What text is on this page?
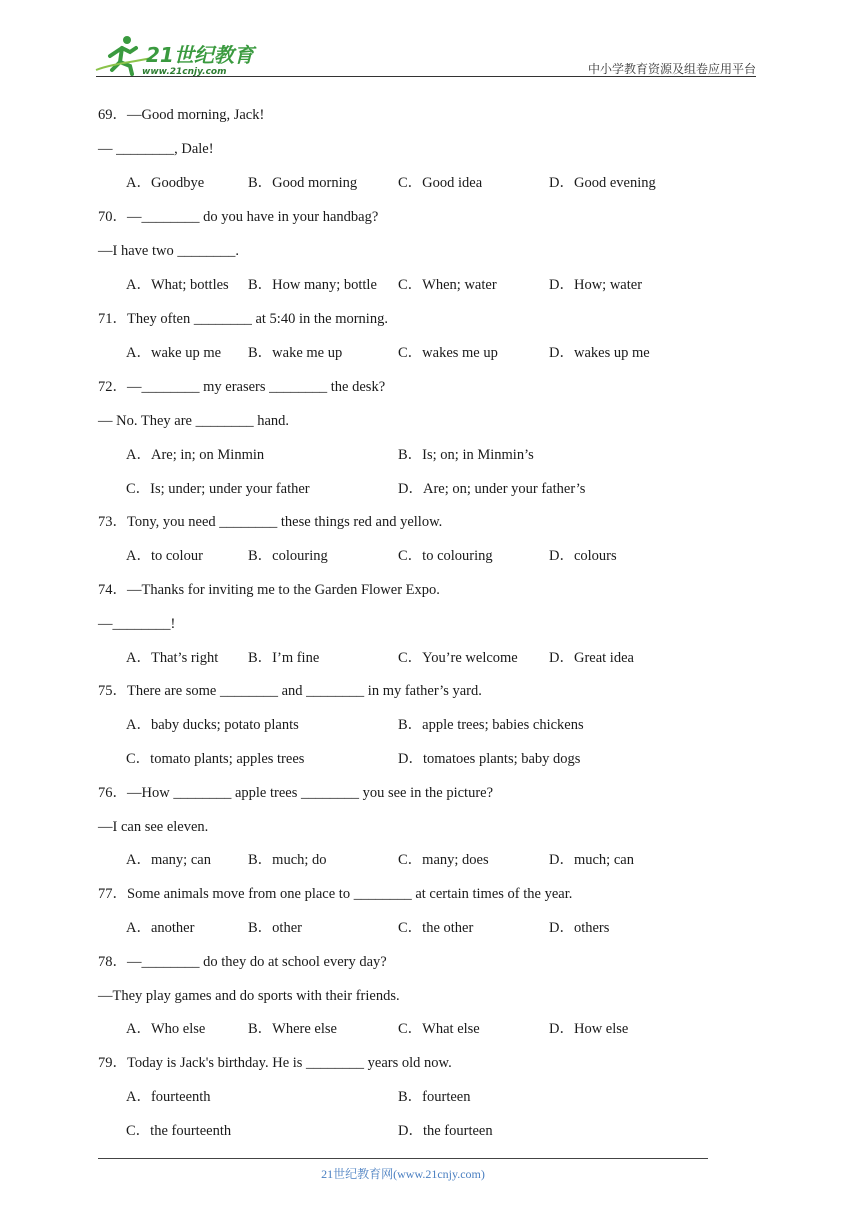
21世纪教育
www.21cnjy.com	中小学教育资源及组卷应用平台
69．—Good morning, Jack!
— ________, Dale!
A．Goodbye	B．Good morning	C．Good idea	D．Good evening
70．—________ do you have in your handbag?
—I have two ________.
A．What; bottles B．How many; bottle C．When; water	D．How; water
71．They often ________ at 5:40 in the morning.
A．wake up me B．wake me up	C．wakes me up	D．wakes up me
72．—________ my erasers ________ the desk?
— No. They are ________ hand.
A．Are; in; on Minmin	B．Is; on; in Minmin’s
C．Is; under; under your father	D．Are; on; under your father’s
73．Tony, you need ________ these things red and yellow.
A．to colour	B．colouring	C．to colouring	D．colours
74．—Thanks for inviting me to the Garden Flower Expo.
—________!
A．That’s right B．I’m fine	C．You’re welcome D．Great idea
75．There are some ________ and ________ in my father’s yard.
A．baby ducks; potato plants	B．apple trees; babies chickens
C．tomato plants; apples trees	D．tomatoes plants; baby dogs
76．—How ________ apple trees ________ you see in the picture?
—I can see eleven.
A．many; can	B．much; do	C．many; does	D．much; can
77．Some animals move from one place to ________ at certain times of the year.
A．another	B．other	C．the other	D．others
78．—________ do they do at school every day?
—They play games and do sports with their friends.
A．Who else	B．Where else	C．What else	D．How else
79．Today is Jack's birthday. He is ________ years old now.
A．fourteenth	B．fourteen
C．the fourteenth	D．the fourteen
21世纪教育网(www.21cnjy.com)
